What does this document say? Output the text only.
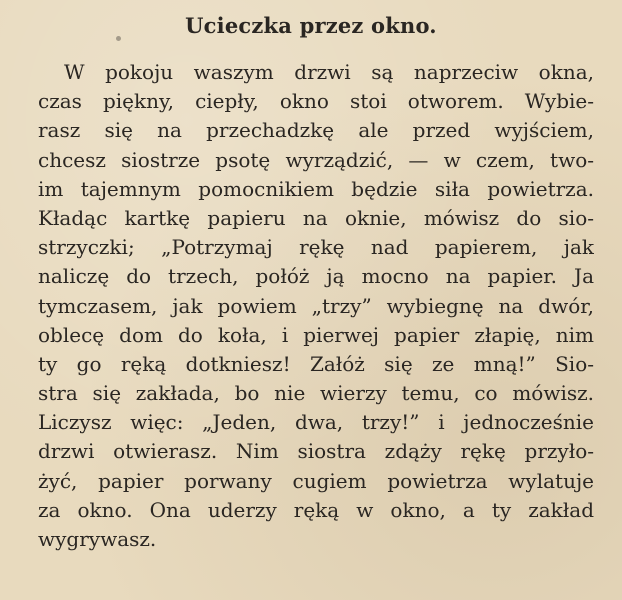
Ucieczka przez okno.
W pokoju waszym drzwi są naprzeciw okna,
czas piękny, ciepły, okno stoi otworem. Wybie-
rasz się na przechadzkę ale przed wyjściem,
chcesz siostrze psotę wyrządzić, — w czem, two-
im tajemnym pomocnikiem będzie siła powietrza.
Kładąc kartkę papieru na oknie, mówisz do sio-
strzyczki; „Potrzymaj rękę nad papierem, jak
naliczę do trzech, połóż ją mocno na papier. Ja
tymczasem, jak powiem „trzy” wybiegnę na dwór,
oblecę dom do koła, i pierwej papier złapię, nim
ty go ręką dotkniesz! Załóż się ze mną!” Sio-
stra się zakłada, bo nie wierzy temu, co mówisz.
Liczysz więc: „Jeden, dwa, trzy!” i jednocześnie
drzwi otwierasz. Nim siostra zdąży rękę przyło-
żyć, papier porwany cugiem powietrza wylatuje
za okno. Ona uderzy ręką w okno, a ty zakład
wygrywasz.
